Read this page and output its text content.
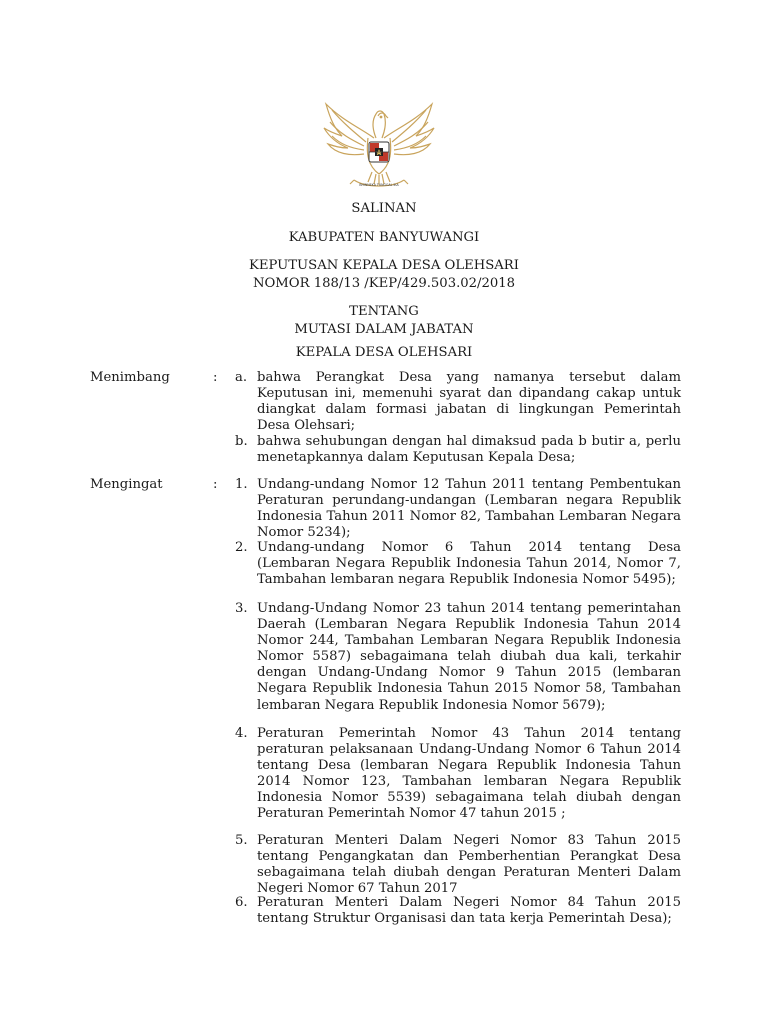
BHINNEKA TUNGGAL IKA
SALINAN
KABUPATEN BANYUWANGI
KEPUTUSAN KEPALA DESA OLEHSARI
NOMOR 188/13 /KEP/429.503.02/2018
TENTANG
MUTASI DALAM JABATAN
KEPALA DESA OLEHSARI
Menimbang	: a. bahwa Perangkat Desa yang namanya tersebut dalam Keputusan ini, memenuhi syarat dan dipandang cakap untuk diangkat dalam formasi jabatan di lingkungan Pemerintah Desa Olehsari;
b. bahwa sehubungan dengan hal dimaksud pada b butir a, perlu menetapkannya dalam Keputusan Kepala Desa;
Mengingat	: 1. Undang-undang Nomor 12 Tahun 2011 tentang Pembentukan Peraturan perundang-undangan (Lembaran negara Republik Indonesia Tahun 2011 Nomor 82, Tambahan Lembaran Negara Nomor 5234);
2. Undang-undang Nomor 6 Tahun 2014 tentang Desa (Lembaran Negara Republik Indonesia Tahun 2014, Nomor 7, Tambahan lembaran negara Republik Indonesia Nomor 5495);
3. Undang-Undang Nomor 23 tahun 2014 tentang pemerintahan Daerah (Lembaran Negara Republik Indonesia Tahun 2014 Nomor 244, Tambahan Lembaran Negara Republik Indonesia Nomor 5587) sebagaimana telah diubah dua kali, terkahir dengan Undang-Undang Nomor 9 Tahun 2015 (lembaran Negara Republik Indonesia Tahun 2015 Nomor 58, Tambahan lembaran Negara Republik Indonesia Nomor 5679);
4. Peraturan Pemerintah Nomor 43 Tahun 2014 tentang peraturan pelaksanaan Undang-Undang Nomor 6 Tahun 2014 tentang Desa (lembaran Negara Republik Indonesia Tahun 2014 Nomor 123, Tambahan lembaran Negara Republik Indonesia Nomor 5539) sebagaimana telah diubah dengan Peraturan Pemerintah Nomor 47 tahun 2015 ;
5. Peraturan Menteri Dalam Negeri Nomor 83 Tahun 2015 tentang Pengangkatan dan Pemberhentian Perangkat Desa sebagaimana telah diubah dengan Peraturan Menteri Dalam Negeri Nomor 67 Tahun 2017
6. Peraturan Menteri Dalam Negeri Nomor 84 Tahun 2015 tentang Struktur Organisasi dan tata kerja Pemerintah Desa);
